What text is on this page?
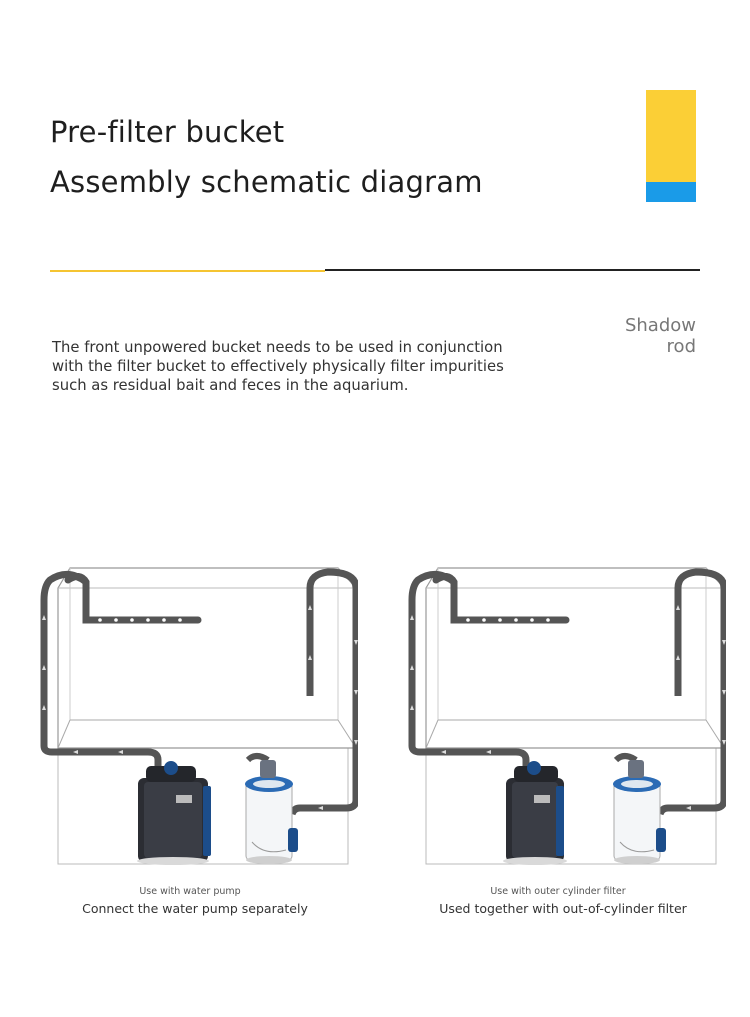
Pre-filter bucket
Assembly schematic diagram
Shadow
rod
The front unpowered bucket needs to be used in conjunction
with the filter bucket to effectively physically filter impurities
such as residual bait and feces in the aquarium.
Use with water pump
Connect the water pump separately
Use with outer cylinder filter
Used together with out-of-cylinder filter
